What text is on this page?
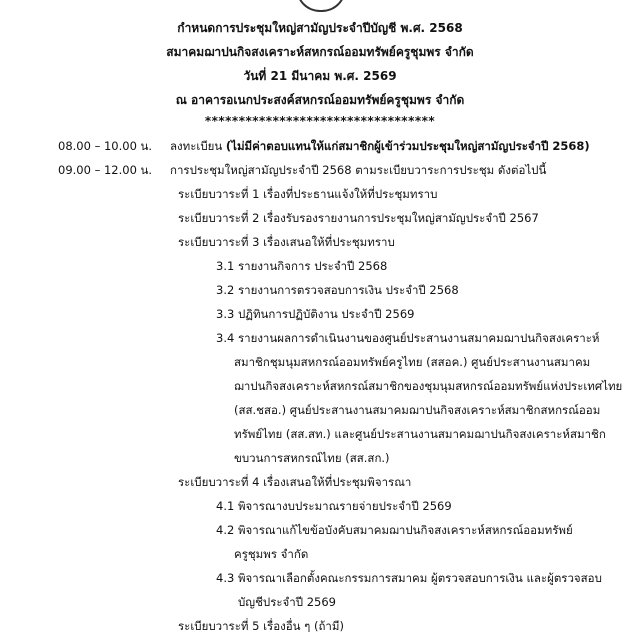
กำหนดการประชุมใหญ่สามัญประจำปีบัญชี พ.ศ. 2568
สมาคมฌาปนกิจสงเคราะห์สหกรณ์ออมทรัพย์ครูชุมพร จำกัด
วันที่ 21 มีนาคม พ.ศ. 2569
ณ อาคารอเนกประสงค์สหกรณ์ออมทรัพย์ครูชุมพร จำกัด
**********************************
08.00 – 10.00 น. ลงทะเบียน (ไม่มีค่าตอบแทนให้แก่สมาชิกผู้เข้าร่วมประชุมใหญ่สามัญประจำปี 2568)
09.00 – 12.00 น. การประชุมใหญ่สามัญประจำปี 2568 ตามระเบียบวาระการประชุม ดังต่อไปนี้
ระเบียบวาระที่ 1 เรื่องที่ประธานแจ้งให้ที่ประชุมทราบ
ระเบียบวาระที่ 2 เรื่องรับรองรายงานการประชุมใหญ่สามัญประจำปี 2567
ระเบียบวาระที่ 3 เรื่องเสนอให้ที่ประชุมทราบ
3.1 รายงานกิจการ ประจำปี 2568
3.2 รายงานการตรวจสอบการเงิน ประจำปี 2568
3.3 ปฏิทินการปฏิบัติงาน ประจำปี 2569
3.4 รายงานผลการดำเนินงานของศูนย์ประสานงานสมาคมฌาปนกิจสงเคราะห์
สมาชิกชุมนุมสหกรณ์ออมทรัพย์ครูไทย (สสอค.) ศูนย์ประสานงานสมาคม
ฌาปนกิจสงเคราะห์สหกรณ์สมาชิกของชุมนุมสหกรณ์ออมทรัพย์แห่งประเทศไทย
(สส.ชสอ.) ศูนย์ประสานงานสมาคมฌาปนกิจสงเคราะห์สมาชิกสหกรณ์ออม
ทรัพย์ไทย (สส.สท.) และศูนย์ประสานงานสมาคมฌาปนกิจสงเคราะห์สมาชิก
ขบวนการสหกรณ์ไทย (สส.สก.)
ระเบียบวาระที่ 4 เรื่องเสนอให้ที่ประชุมพิจารณา
4.1 พิจารณางบประมาณรายจ่ายประจำปี 2569
4.2 พิจารณาแก้ไขข้อบังคับสมาคมฌาปนกิจสงเคราะห์สหกรณ์ออมทรัพย์
ครูชุมพร จำกัด
4.3 พิจารณาเลือกตั้งคณะกรรมการสมาคม ผู้ตรวจสอบการเงิน และผู้ตรวจสอบ
บัญชีประจำปี 2569
ระเบียบวาระที่ 5 เรื่องอื่น ๆ (ถ้ามี)
